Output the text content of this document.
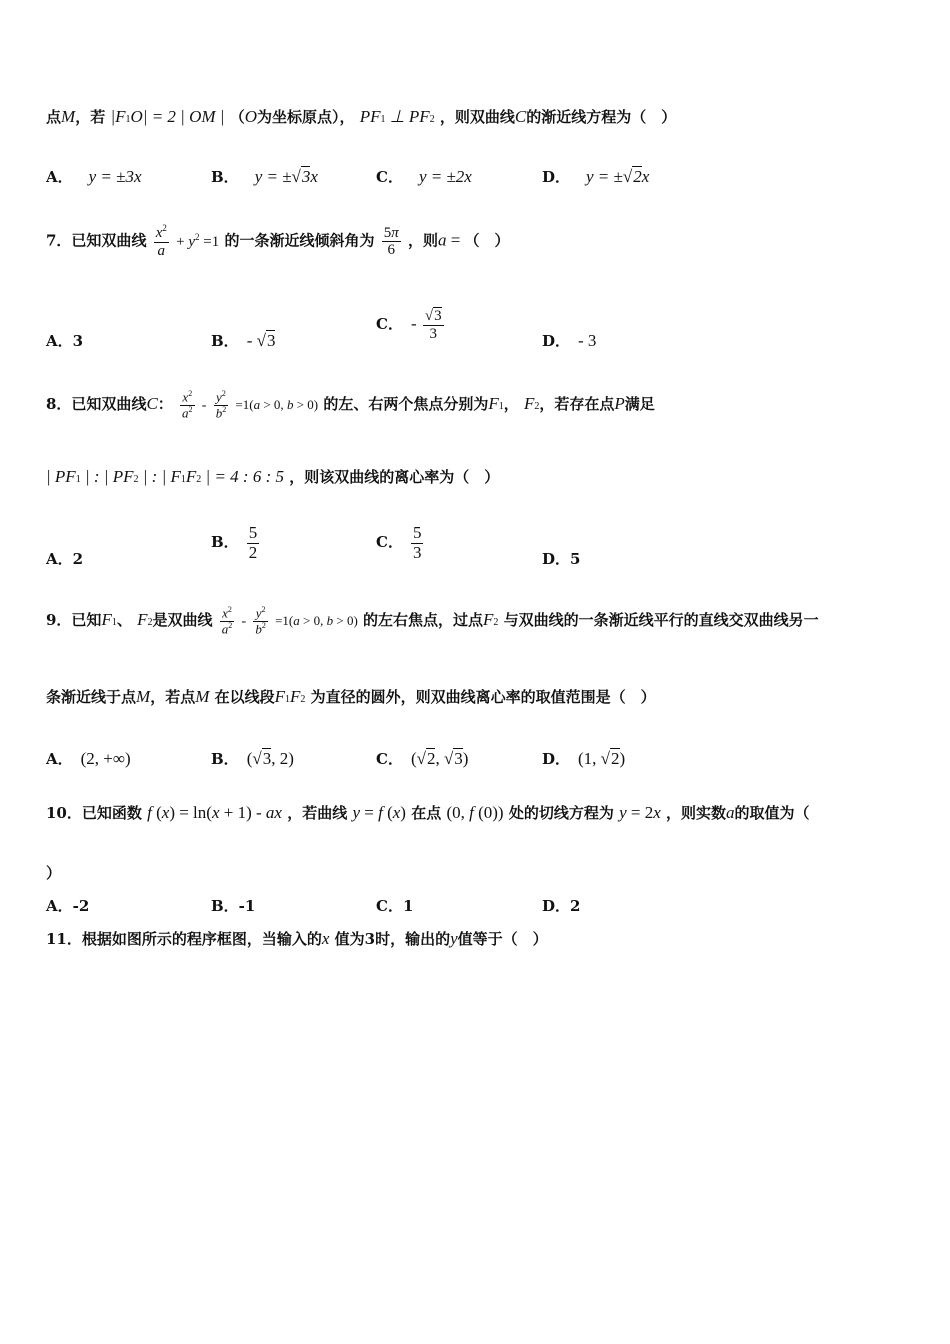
点M，若 |F1O| = 2 | OM | （O为坐标原点）， PF1 ⊥ PF2 ，则双曲线C的渐近线方程为（　）
A． y = ±3x	B． y = ±√3x	C． y = ±2x	D． y = ±√2x
7．已知双曲线 $\frac{x^2}{a} + y^2 =1$ 的一条渐近线倾斜角为 $\frac{5\pi}{6}$ ，则a = （　）
A．3	B． - √3
C． - $\frac{√3}{3}$	D． - 3
8．已知双曲线C： $\frac{x^2}{a^2} - \frac{y^2}{b^2} =1(a > 0$, b > 0) 的左、右两个焦点分别为F1， F2，若存在点P满足
| PF1 | : | PF2 | : | F1F2 | = 4 : 6 : 5 ，则该双曲线的离心率为（　）
A．2
B． $\frac{5}{2}$	C． $\frac{5}{3}$	D．5
9．已知F1、 F2是双曲线 $\frac{x^2}{a^2} - \frac{y^2}{b^2} =1(a > 0$, b > 0) 的左右焦点，过点F2 与双曲线的一条渐近线平行的直线交双曲线另一
条渐近线于点M，若点M 在以线段F1F2 为直径的圆外，则双曲线离心率的取值范围是（　）
A． (2, +∞)	B． (√3, 2)	C． (√2, √3)	D． (1, √2)
10．已知函数 f (x) = ln(x + 1) - ax ，若曲线 y = f (x) 在点 (0, f (0)) 处的切线方程为 y = 2x ，则实数a的取值为（
）
A．-2	B．-1	C．1	D．2
11．根据如图所示的程序框图，当输入的x 值为3时，输出的y值等于（　）
